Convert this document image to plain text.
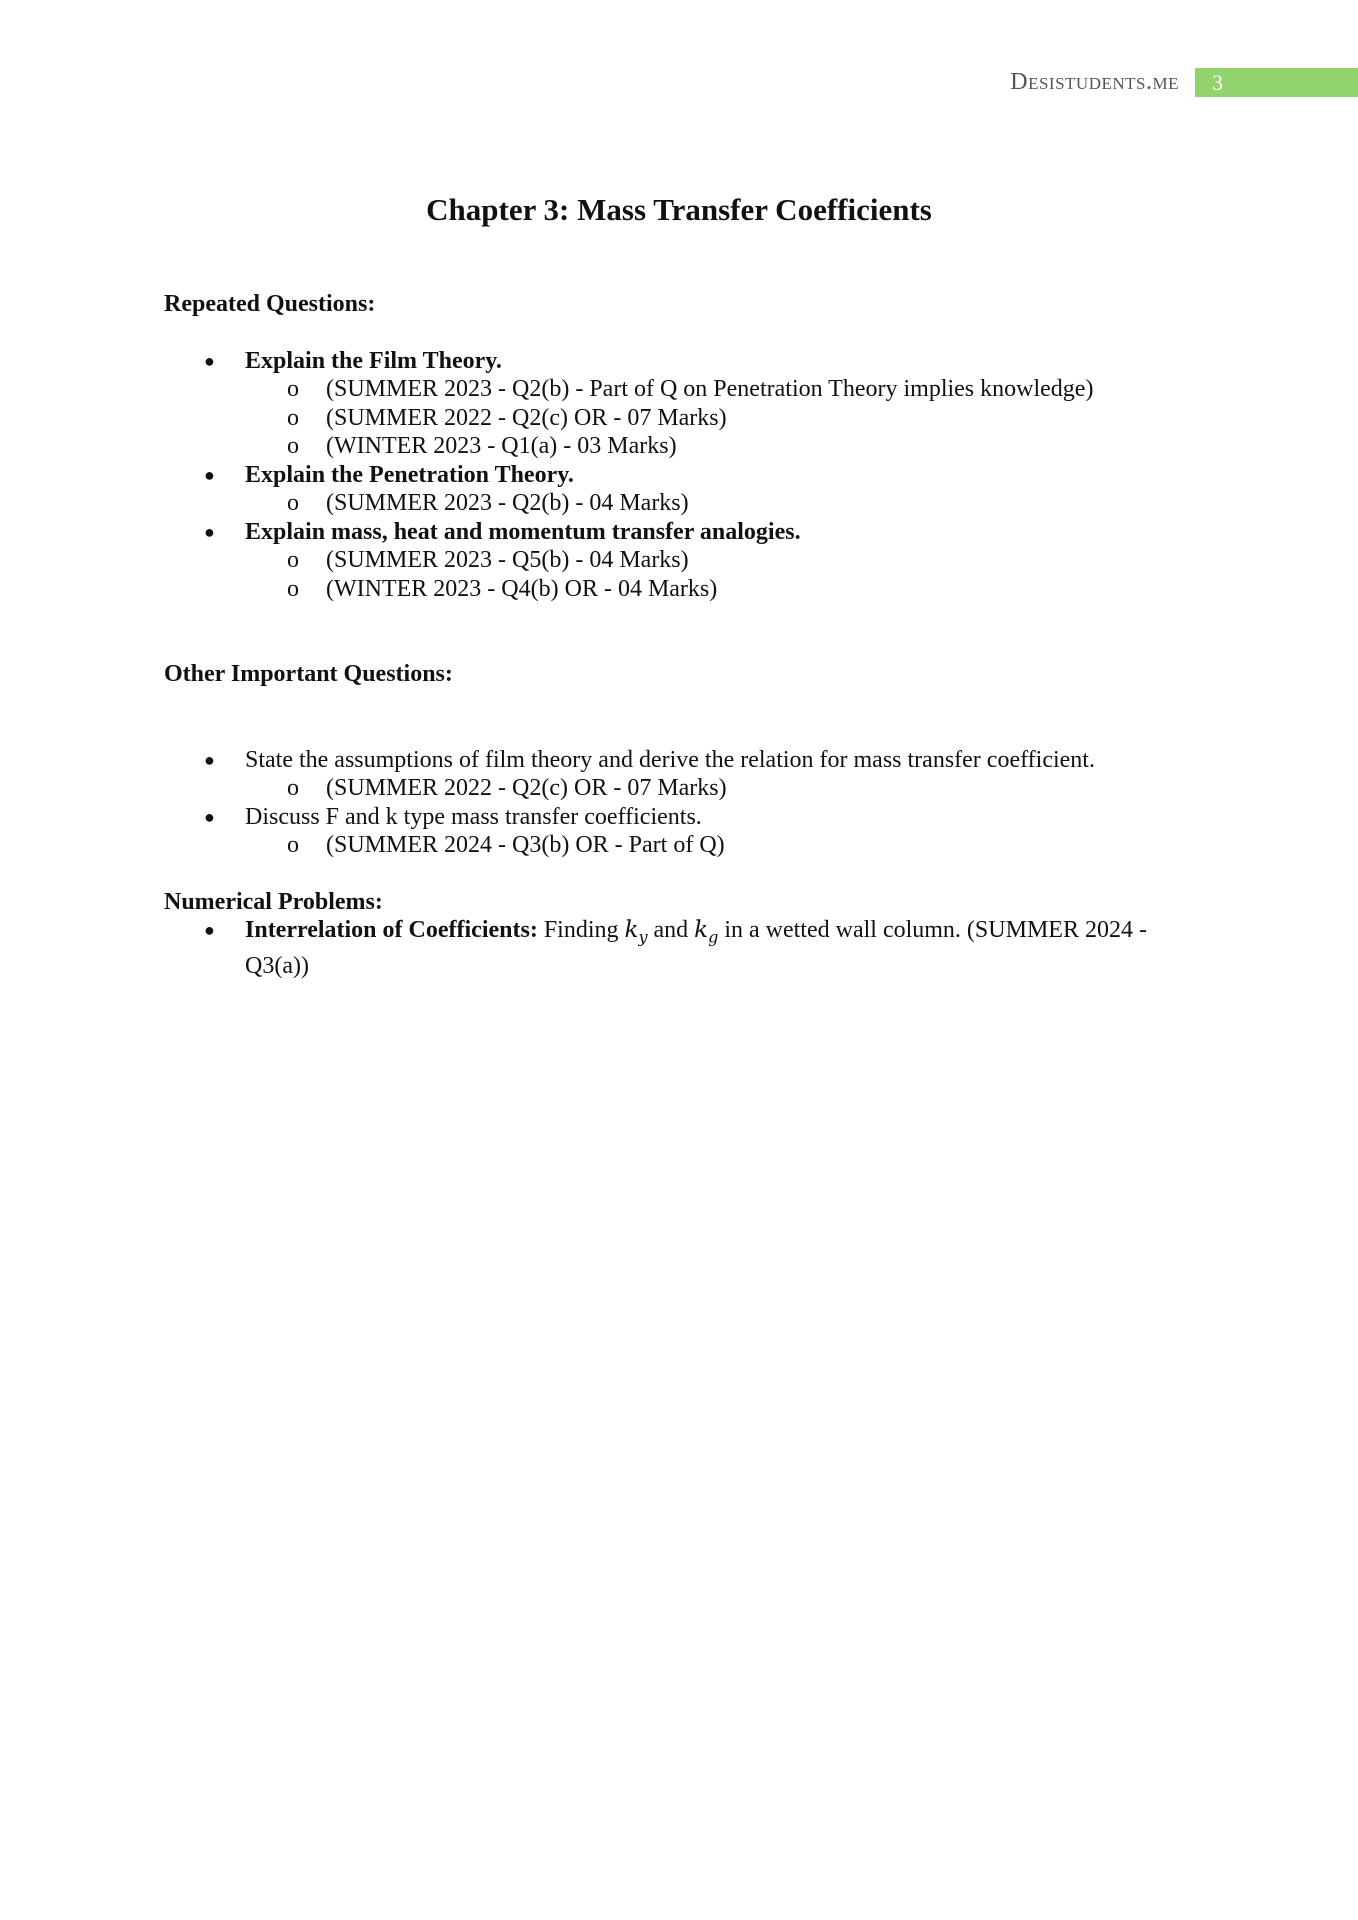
Desistudents.me	3
Chapter 3: Mass Transfer Coefficients

Repeated Questions:

● Explain the Film Theory.
o (SUMMER 2023 - Q2(b) - Part of Q on Penetration Theory implies knowledge)
o (SUMMER 2022 - Q2(c) OR - 07 Marks)
o (WINTER 2023 - Q1(a) - 03 Marks)
● Explain the Penetration Theory.
o (SUMMER 2023 - Q2(b) - 04 Marks)
● Explain mass, heat and momentum transfer analogies.
o (SUMMER 2023 - Q5(b) - 04 Marks)
o (WINTER 2023 - Q4(b) OR - 04 Marks)

Other Important Questions:

● State the assumptions of film theory and derive the relation for mass transfer coefficient.
o (SUMMER 2022 - Q2(c) OR - 07 Marks)
● Discuss F and k type mass transfer coefficients.
o (SUMMER 2024 - Q3(b) OR - Part of Q)

Numerical Problems:

● Interrelation of Coefficients: Finding $k_y$ and $k_g$ in a wetted wall column. (SUMMER 2024 - Q3(a))
